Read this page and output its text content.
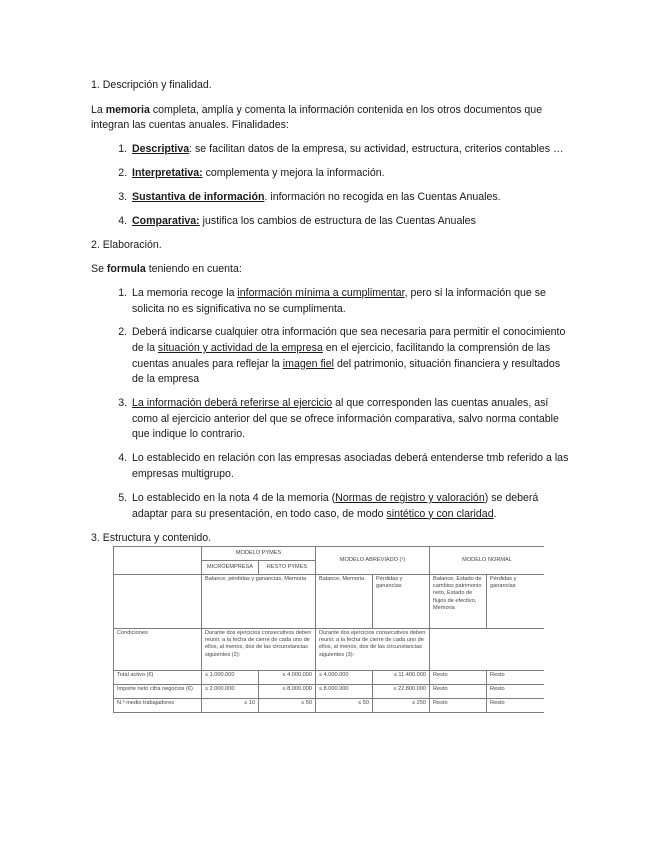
1. Descripción y finalidad.
La memoria completa, amplía y comenta la información contenida en los otros documentos que integran las cuentas anuales. Finalidades:
1. Descriptiva: se facilitan datos de la empresa, su actividad, estructura, criterios contables …
2. Interpretativa: complementa y mejora la información.
3. Sustantiva de información. información no recogida en las Cuentas Anuales.
4. Comparativa: justifica los cambios de estructura de las Cuentas Anuales
2. Elaboración.
Se formula teniendo en cuenta:
1. La memoria recoge la información mínima a cumplimentar, pero si la información que se solicita no es significativa no se cumplimenta.
2. Deberá indicarse cualquier otra información que sea necesaria para permitir el conocimiento de la situación y actividad de la empresa en el ejercicio, facilitando la comprensión de las cuentas anuales para reflejar la imagen fiel del patrimonio, situación financiera y resultados de la empresa
3. La información deberá referirse al ejercicio al que corresponden las cuentas anuales, así como al ejercicio anterior del que se ofrece información comparativa, salvo norma contable que indique lo contrario.
4. Lo establecido en relación con las empresas asociadas deberá entenderse tmb referido a las empresas multigrupo.
5. Lo establecido en la nota 4 de la memoria (Normas de registro y valoración) se deberá adaptar para su presentación, en todo caso, de modo sintético y con claridad.
3. Estructura y contenido.
	MODELO PYMES		MODELO ABREVIADO (¹)		MODELO NORMAL	
	MICROEMPRESA	RESTO PYMES				
	Balance, pérdidas y ganancias, Memoria		Balance, Memoria	Pérdidas y ganancias	Balance, Estado de cambios patrimonio neto, Estado de flujos de efectivo, Memoria	Pérdidas y ganancias
Condiciones	Durante dos ejercicios consecutivos deben reunir, a la fecha de cierre de cada uno de ellos, al menos, dos de las circunstancias siguientes (2):		Durante dos ejercicios consecutivos deben reunir, a la fecha de cierre de cada uno de ellos, al menos, dos de las circunstancias siguientes (3):			
Total activo (€)	≤ 1.000.000	≤ 4.000.000	≤ 4.000.000	≤ 11.400.000	Resto	Resto
Importe neto cifra negocios (€)	≤ 2.000.000	≤ 8.000.000	≤ 8.000.000	≤ 22.800.000	Resto	Resto
N.º medio trabajadores	≤ 10	≤ 50	≤ 50	≤ 250	Resto	Resto
